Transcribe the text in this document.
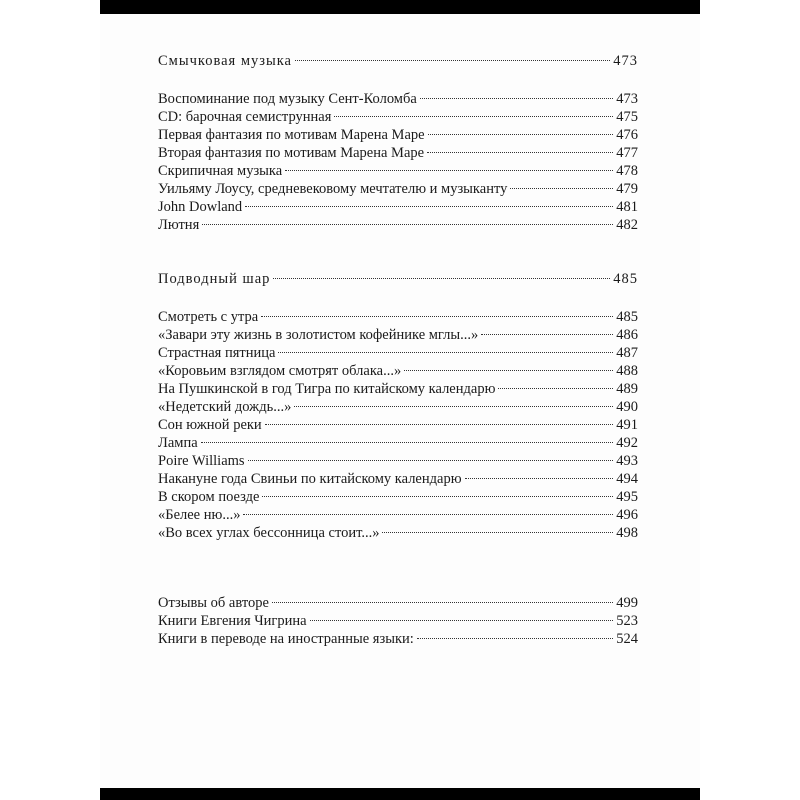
Смычковая музыка	473
Воспоминание под музыку Сент-Коломба	473
CD: барочная семиструнная	475
Первая фантазия по мотивам Марена Маре	476
Вторая фантазия по мотивам Марена Маре	477
Скрипичная музыка	478
Уильяму Лоусу, средневековому мечтателю и музыканту	479
John Dowland	481
Лютня	482
Подводный шар	485
Смотреть с утра	485
«Завари эту жизнь в золотистом кофейнике мглы...»	486
Страстная пятница	487
«Коровьим взглядом смотрят облака...»	488
На Пушкинской в год Тигра по китайскому календарю	489
«Недетский дождь...»	490
Сон южной реки	491
Лампа	492
Poire Williams	493
Накануне года Свиньи по китайскому календарю	494
В скором поезде	495
«Белее ню...»	496
«Во всех углах бессонница стоит...»	498
Отзывы об авторе	499
Книги Евгения Чигрина	523
Книги в переводе на иностранные языки:	524
